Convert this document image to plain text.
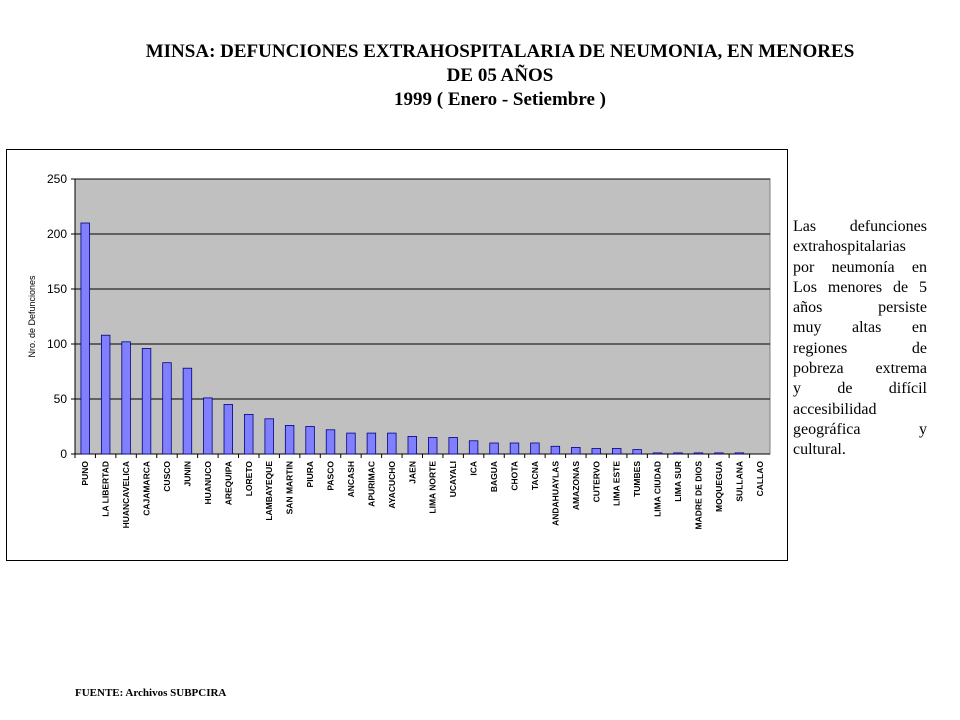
MINSA: DEFUNCIONES EXTRAHOSPITALARIA DE NEUMONIA, EN MENORES
DE 05 AÑOS
1999 ( Enero - Setiembre )
0
50
100
150
200
250
PUNO LA LIBERTAD HUANCAVELICA CAJAMARCA CUSCO JUNIN HUANUCO AREQUIPA LORETO LAMBAYEQUE SAN MARTIN PIURA PASCO ANCASH APURIMAC AYACUCHO JAEN LIMA NORTE UCAYALI ICA BAGUA CHOTA TACNA ANDAHUAYLAS AMAZONAS CUTERVO LIMA ESTE TUMBES LIMA CIUDAD LIMA SUR MADRE DE DIOS MOQUEGUA SULLANA CALLAO
Nro. de Defunciones
Las defunciones
extrahospitalarias
por neumonía en
Los menores de 5
años persiste
muy altas en
regiones de
pobreza extrema
y de difícil
accesibilidad
geográfica y
cultural.
FUENTE: Archivos SUBPCIRA
